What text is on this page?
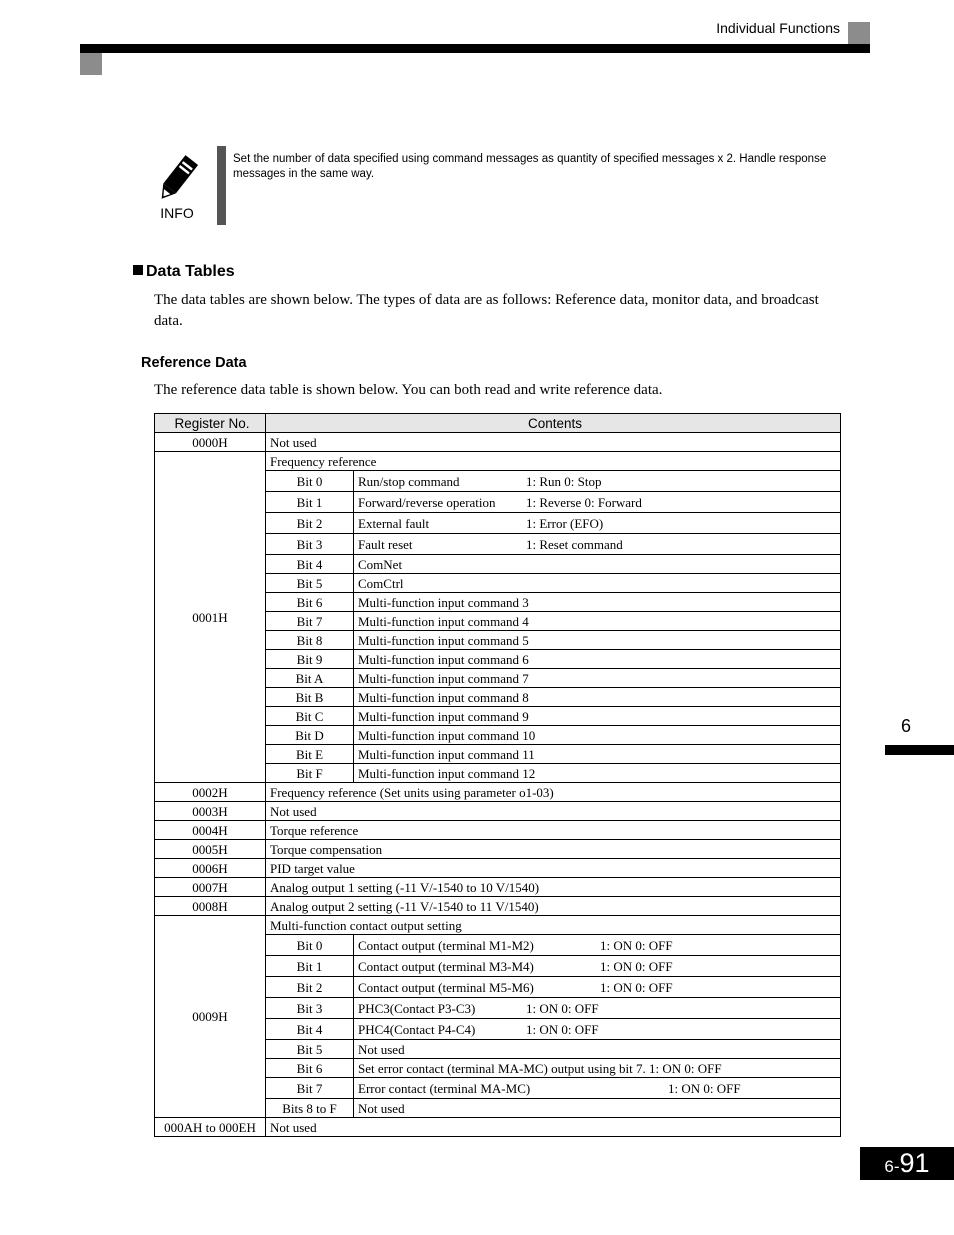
Individual Functions
INFO
Set the number of data specified using command messages as quantity of specified messages x 2. Handle response messages in the same way.
Data Tables
The data tables are shown below. The types of data are as follows: Reference data, monitor data, and broadcast data.
Reference Data
The reference data table is shown below. You can both read and write reference data.
Register No.	Contents	
0000H	Not used	
0001H	Frequency reference	
	Bit 0	Run/stop command 1: Run 0: Stop
	Bit 1	Forward/reverse operation 1: Reverse 0: Forward
	Bit 2	External fault 1: Error (EFO)
	Bit 3	Fault reset 1: Reset command
	Bit 4	ComNet
	Bit 5	ComCtrl
	Bit 6	Multi-function input command 3
	Bit 7	Multi-function input command 4
	Bit 8	Multi-function input command 5
	Bit 9	Multi-function input command 6
	Bit A	Multi-function input command 7
	Bit B	Multi-function input command 8
	Bit C	Multi-function input command 9
	Bit D	Multi-function input command 10
	Bit E	Multi-function input command 11
	Bit F	Multi-function input command 12
0002H	Frequency reference (Set units using parameter o1-03)	
0003H	Not used	
0004H	Torque reference	
0005H	Torque compensation	
0006H	PID target value	
0007H	Analog output 1 setting (-11 V/-1540 to 10 V/1540)	
0008H	Analog output 2 setting (-11 V/-1540 to 11 V/1540)	
0009H	Multi-function contact output setting	
	Bit 0	Contact output (terminal M1-M2) 1: ON 0: OFF
	Bit 1	Contact output (terminal M3-M4) 1: ON 0: OFF
	Bit 2	Contact output (terminal M5-M6) 1: ON 0: OFF
	Bit 3	PHC3(Contact P3-C3) 1: ON 0: OFF
	Bit 4	PHC4(Contact P4-C4) 1: ON 0: OFF
	Bit 5	Not used
	Bit 6	Set error contact (terminal MA-MC) output using bit 7. 1: ON 0: OFF
	Bit 7	Error contact (terminal MA-MC) 1: ON 0: OFF
	Bits 8 to F	Not used
000AH to 000EH	Not used	
6
6-91
